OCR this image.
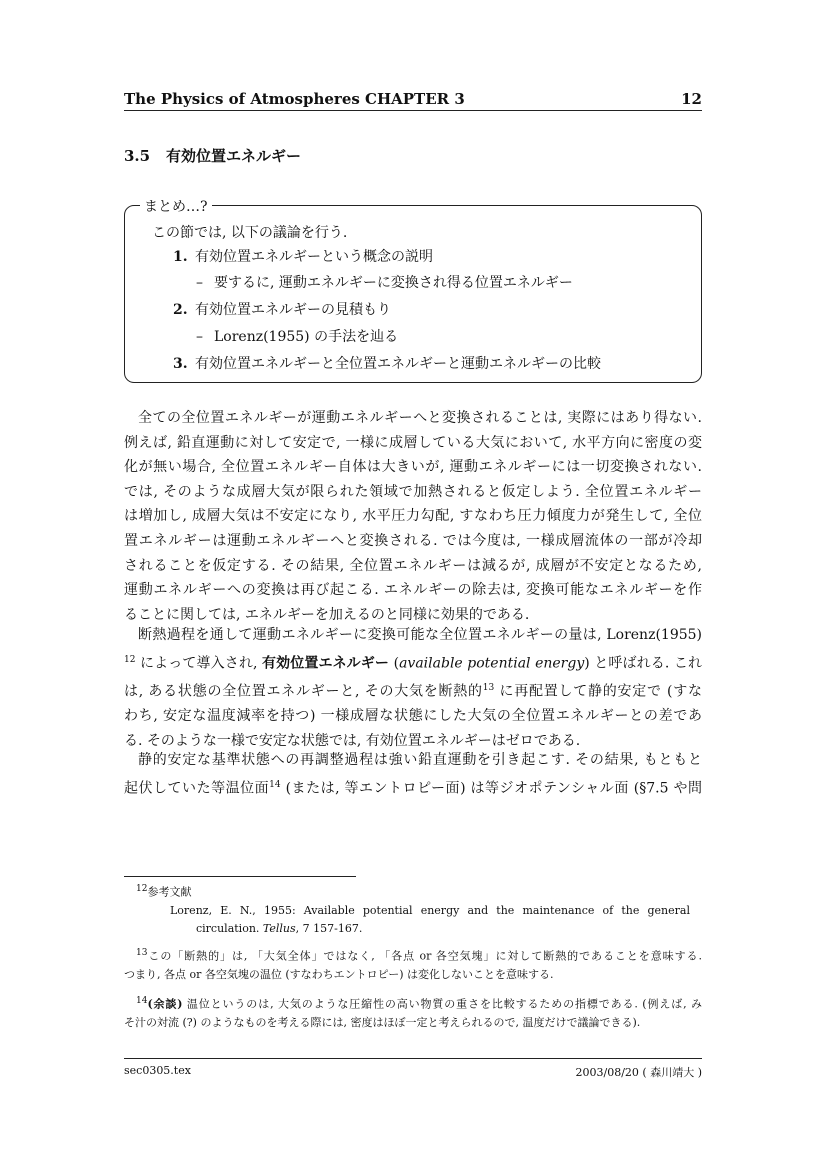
The Physics of Atmospheres CHAPTER 3	12
3.5 有効位置エネルギー
まとめ…?
この節では, 以下の議論を行う.
1. 有効位置エネルギーという概念の説明
– 要するに, 運動エネルギーに変換され得る位置エネルギー
2. 有効位置エネルギーの見積もり
– Lorenz(1955) の手法を辿る
3. 有効位置エネルギーと全位置エネルギーと運動エネルギーの比較
全ての全位置エネルギーが運動エネルギーへと変換されることは, 実際にはあり得ない.
例えば, 鉛直運動に対して安定で, 一様に成層している大気において, 水平方向に密度の変
化が無い場合, 全位置エネルギー自体は大きいが, 運動エネルギーには一切変換されない.
では, そのような成層大気が限られた領域で加熱されると仮定しよう. 全位置エネルギー
は増加し, 成層大気は不安定になり, 水平圧力勾配, すなわち圧力傾度力が発生して, 全位
置エネルギーは運動エネルギーへと変換される. では今度は, 一様成層流体の一部が冷却
されることを仮定する. その結果, 全位置エネルギーは減るが, 成層が不安定となるため,
運動エネルギーへの変換は再び起こる. エネルギーの除去は, 変換可能なエネルギーを作
ることに関しては, エネルギーを加えるのと同様に効果的である.
断熱過程を通して運動エネルギーに変換可能な全位置エネルギーの量は, Lorenz(1955)
$^{12}$ によって導入され, 有効位置エネルギー (available potential energy) と呼ばれる. これ
は, ある状態の全位置エネルギーと, その大気を断熱的$^{13}$ に再配置して静的安定で (すな
わち, 安定な温度減率を持つ) 一様成層な状態にした大気の全位置エネルギーとの差であ
る. そのような一様で安定な状態では, 有効位置エネルギーはゼロである.
静的安定な基準状態への再調整過程は強い鉛直運動を引き起こす. その結果, もともと
起伏していた等温位面$^{14}$ (または, 等エントロピー面) は等ジオポテンシャル面 (§7.5 や問
$^{12}$参考文献
Lorenz, E. N., 1955: Available potential energy and the maintenance of the general
circulation. Tellus, 7 157-167.
$^{13}$この「断熱的」は, 「大気全体」ではなく, 「各点 or 各空気塊」に対して断熱的であることを意味する.
つまり, 各点 or 各空気塊の温位 (すなわちエントロピー) は変化しないことを意味する.
$^{14}$(余談) 温位というのは, 大気のような圧縮性の高い物質の重さを比較するための指標である. (例えば, み
そ汁の対流 (?) のようなものを考える際には, 密度はほぼ一定と考えられるので, 温度だけで議論できる).
sec0305.tex	2003/08/20 ( 森川靖大 )
